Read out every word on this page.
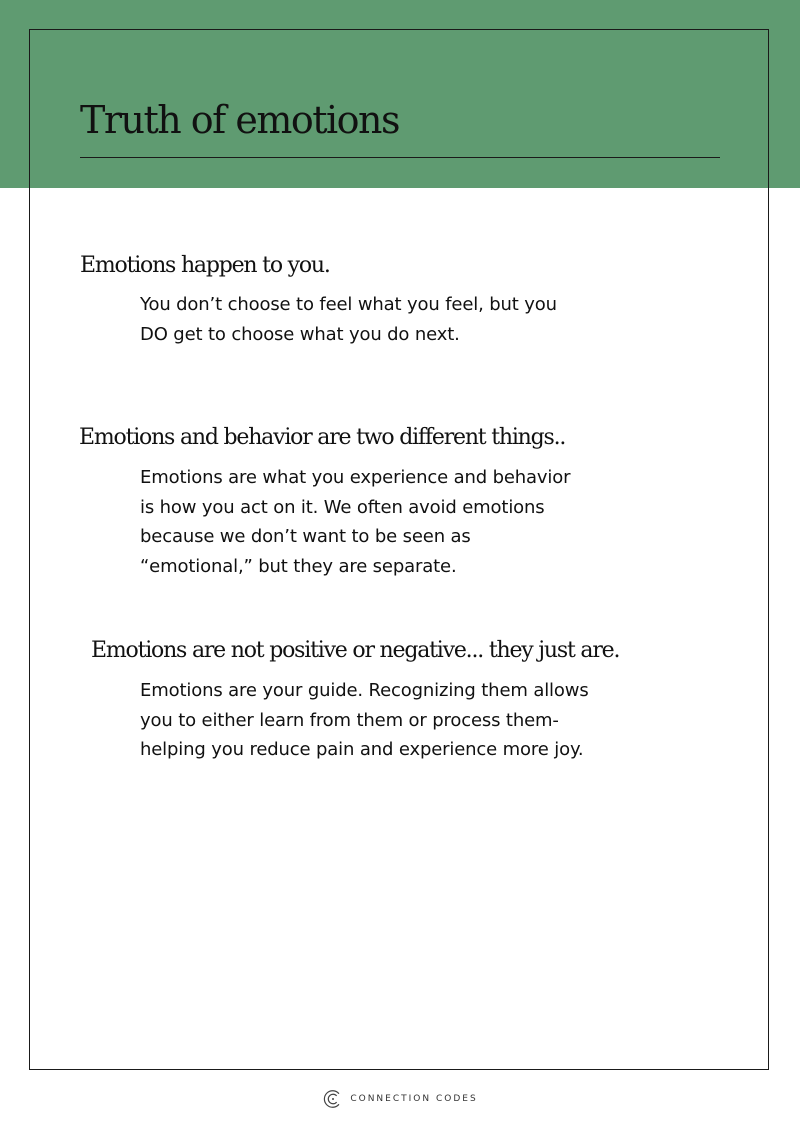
Truth of emotions
Emotions happen to you.

You don’t choose to feel what you feel, but you
DO get to choose what you do next.

Emotions and behavior are two different things..

Emotions are what you experience and behavior
is how you act on it. We often avoid emotions
because we don’t want to be seen as
“emotional,” but they are separate.

Emotions are not positive or negative... they just are.

Emotions are your guide. Recognizing them allows
you to either learn from them or process them-
helping you reduce pain and experience more joy.

CONNECTION CODES
